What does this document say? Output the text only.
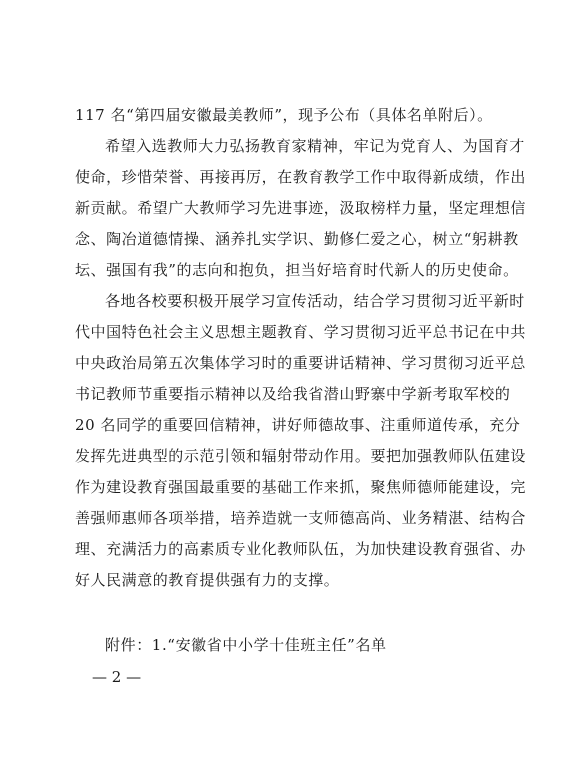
117 名“第四届安徽最美教师”，现予公布（具体名单附后）。
希望入选教师大力弘扬教育家精神，牢记为党育人、为国育才
使命，珍惜荣誉、再接再厉，在教育教学工作中取得新成绩，作出
新贡献。希望广大教师学习先进事迹，汲取榜样力量，坚定理想信
念、陶冶道德情操、涵养扎实学识、勤修仁爱之心，树立“躬耕教
坛、强国有我”的志向和抱负，担当好培育时代新人的历史使命。
各地各校要积极开展学习宣传活动，结合学习贯彻习近平新时
代中国特色社会主义思想主题教育、学习贯彻习近平总书记在中共
中央政治局第五次集体学习时的重要讲话精神、学习贯彻习近平总
书记教师节重要指示精神以及给我省潜山野寨中学新考取军校的
20 名同学的重要回信精神，讲好师德故事、注重师道传承，充分
发挥先进典型的示范引领和辐射带动作用。要把加强教师队伍建设
作为建设教育强国最重要的基础工作来抓，聚焦师德师能建设，完
善强师惠师各项举措，培养造就一支师德高尚、业务精湛、结构合
理、充满活力的高素质专业化教师队伍，为加快建设教育强省、办
好人民满意的教育提供强有力的支撑。
附件：1.“安徽省中小学十佳班主任”名单
— 2 —
